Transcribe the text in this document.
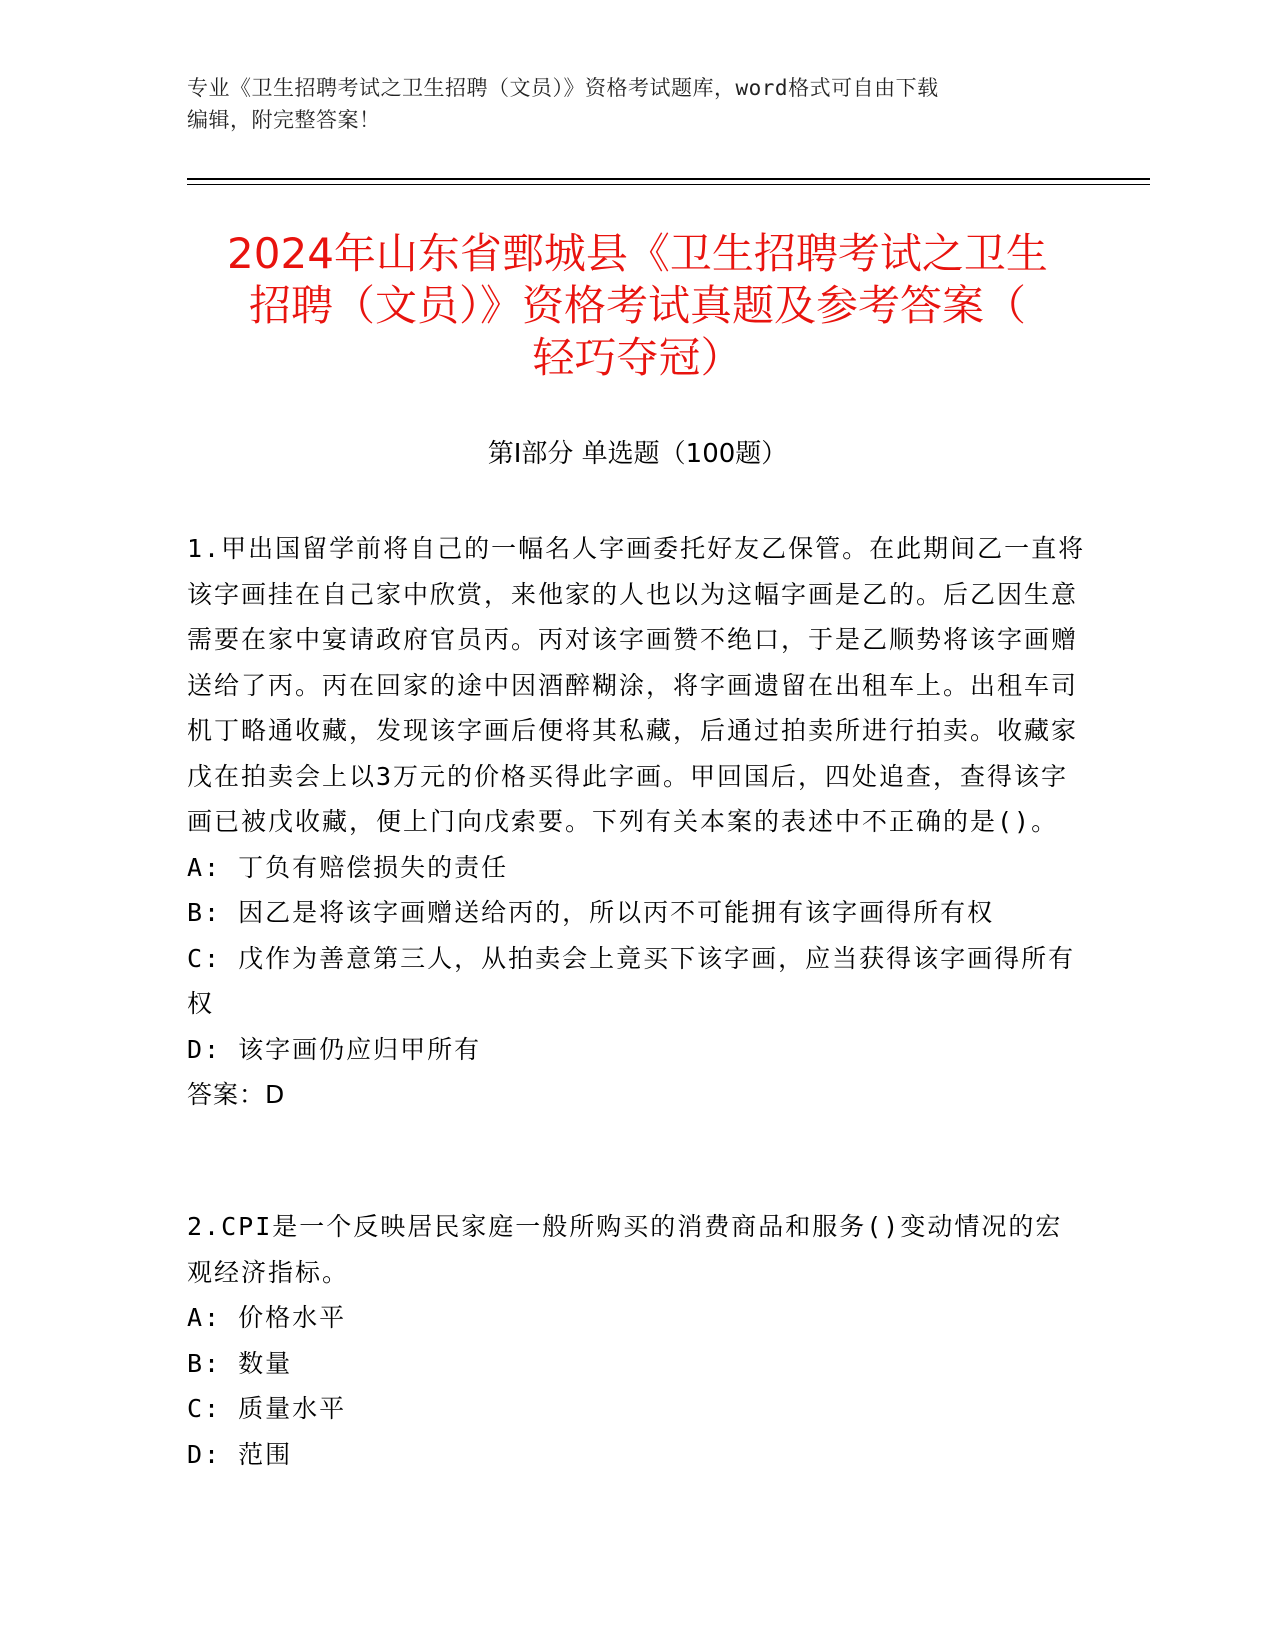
专业《卫生招聘考试之卫生招聘（文员）》资格考试题库，word格式可自由下载
编辑，附完整答案！
2024年山东省鄄城县《卫生招聘考试之卫生
招聘（文员）》资格考试真题及参考答案（
轻巧夺冠）
第Ⅰ部分 单选题（100题）

1.甲出国留学前将自己的一幅名人字画委托好友乙保管。在此期间乙一直将该字画挂在自己家中欣赏，来他家的人也以为这幅字画是乙的。后乙因生意需要在家中宴请政府官员丙。丙对该字画赞不绝口，于是乙顺势将该字画赠送给了丙。丙在回家的途中因酒醉糊涂，将字画遗留在出租车上。出租车司机丁略通收藏，发现该字画后便将其私藏，后通过拍卖所进行拍卖。收藏家戊在拍卖会上以3万元的价格买得此字画。甲回国后，四处追查，查得该字画已被戊收藏，便上门向戊索要。下列有关本案的表述中不正确的是()。

A: 丁负有赔偿损失的责任

B: 因乙是将该字画赠送给丙的，所以丙不可能拥有该字画得所有权

C: 戊作为善意第三人，从拍卖会上竟买下该字画，应当获得该字画得所有权

D: 该字画仍应归甲所有

答案：D

2.CPI是一个反映居民家庭一般所购买的消费商品和服务()变动情况的宏观经济指标。

A: 价格水平

B: 数量

C: 质量水平

D: 范围
